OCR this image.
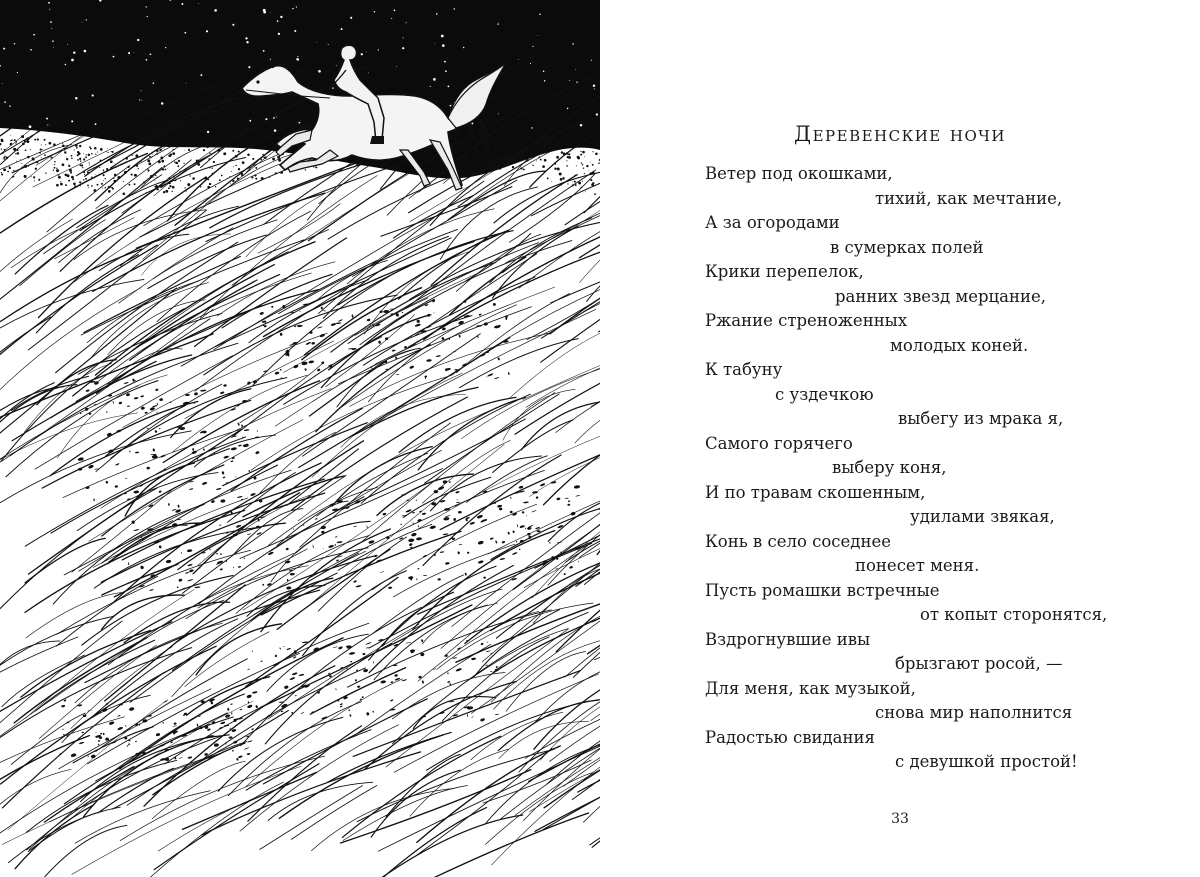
Деревенские ночи
Ветер под окошками,
тихий, как мечтание,
А за огородами
в сумерках полей
Крики перепелок,
ранних звезд мерцание,
Ржание стреноженных
молодых коней.
К табуну
с уздечкою
выбегу из мрака я,
Самого горячего
выберу коня,
И по травам скошенным,
удилами звякая,
Конь в село соседнее
понесет меня.
Пусть ромашки встречные
от копыт сторонятся,
Вздрогнувшие ивы
брызгают росой, —
Для меня, как музыкой,
снова мир наполнится
Радостью свидания
с девушкой простой!
33
